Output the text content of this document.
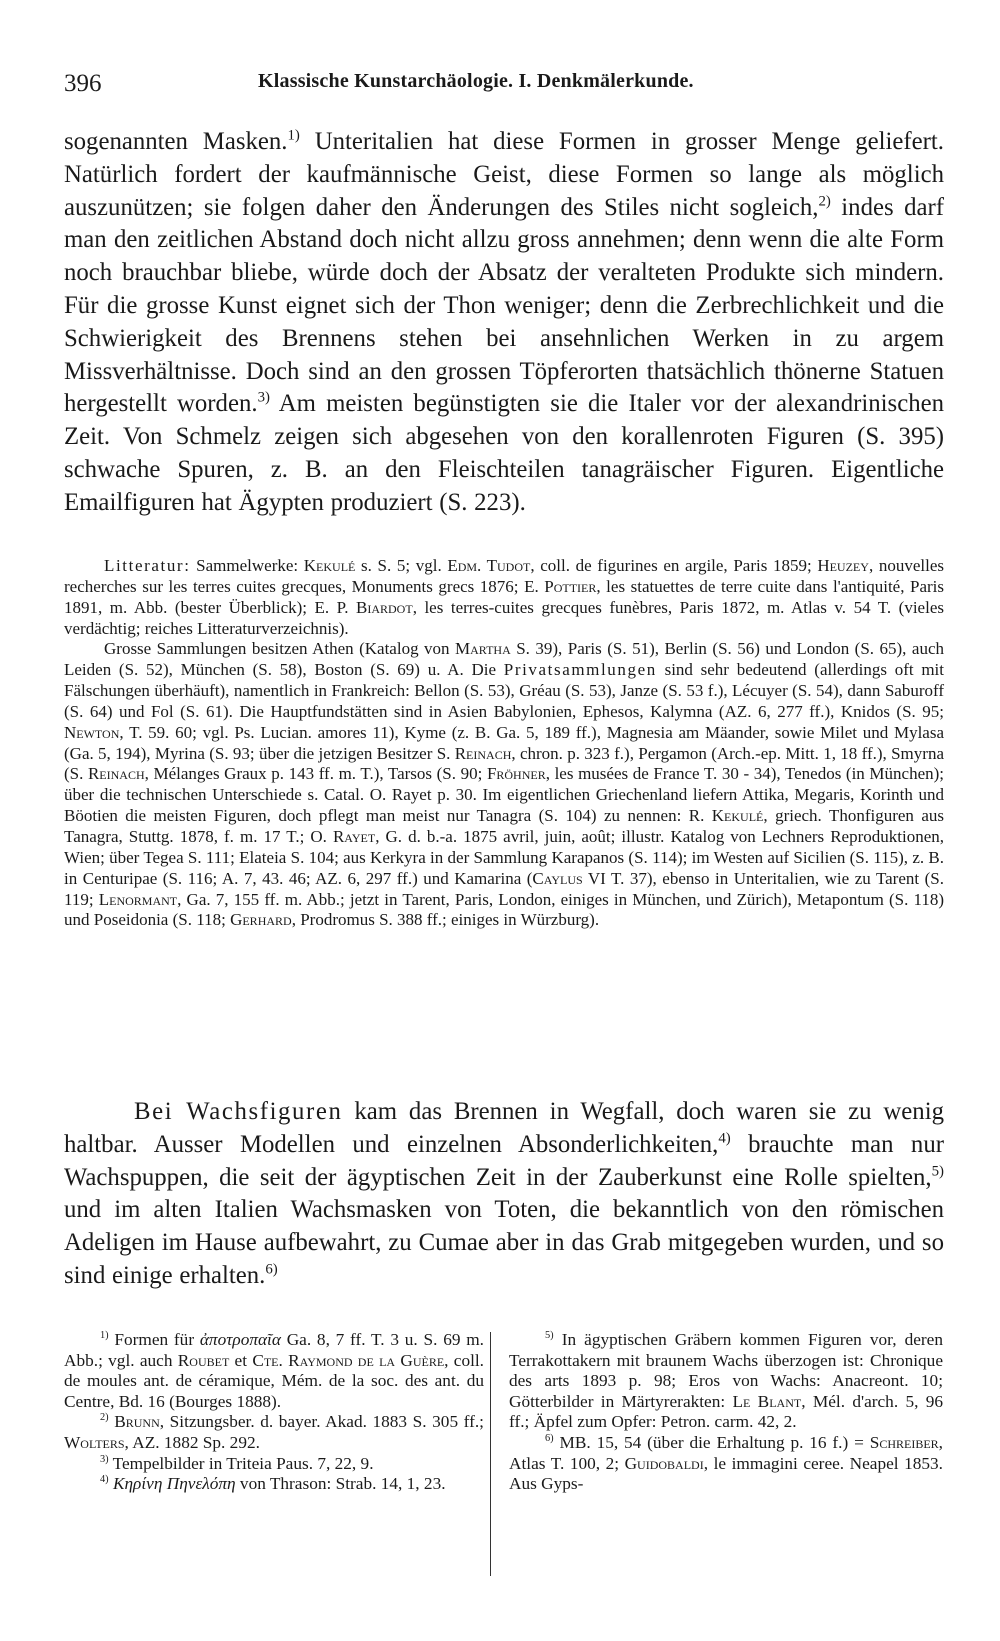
396	Klassische Kunstarchäologie. I. Denkmälerkunde.

sogenannten Masken.$^{1)}$ Unteritalien hat diese Formen in grosser Menge geliefert. Natürlich fordert der kaufmännische Geist, diese Formen so lange als möglich auszunützen; sie folgen daher den Änderungen des Stiles nicht sogleich,$^{2)}$ indes darf man den zeitlichen Abstand doch nicht allzu gross annehmen; denn wenn die alte Form noch brauchbar bliebe, würde doch der Absatz der veralteten Produkte sich mindern. Für die grosse Kunst eignet sich der Thon weniger; denn die Zerbrechlichkeit und die Schwierigkeit des Brennens stehen bei ansehnlichen Werken in zu argem Missverhältnisse. Doch sind an den grossen Töpferorten thatsächlich thönerne Statuen hergestellt worden.$^{3)}$ Am meisten begünstigten sie die Italer vor der alexandrinischen Zeit. Von Schmelz zeigen sich abgesehen von den korallenroten Figuren (S. 395) schwache Spuren, z. B. an den Fleischteilen tanagräischer Figuren. Eigentliche Emailfiguren hat Ägypten produziert (S. 223).

Litteratur: Sammelwerke: Kekulé s. S. 5; vgl. Edm. Tudot, coll. de figurines en argile, Paris 1859; Heuzey, nouvelles recherches sur les terres cuites grecques, Monuments grecs 1876; E. Pottier, les statuettes de terre cuite dans l'antiquité, Paris 1891, m. Abb. (bester Überblick); E. P. Biardot, les terres-cuites grecques funèbres, Paris 1872, m. Atlas v. 54 T. (vieles verdächtig; reiches Litteraturverzeichnis).

Grosse Sammlungen besitzen Athen (Katalog von Martha S. 39), Paris (S. 51), Berlin (S. 56) und London (S. 65), auch Leiden (S. 52), München (S. 58), Boston (S. 69) u. A. Die Privatsammlungen sind sehr bedeutend (allerdings oft mit Fälschungen überhäuft), namentlich in Frankreich: Bellon (S. 53), Gréau (S. 53), Janze (S. 53 f.), Lécuyer (S. 54), dann Saburoff (S. 64) und Fol (S. 61). Die Hauptfundstätten sind in Asien Babylonien, Ephesos, Kalymna (AZ. 6, 277 ff.), Knidos (S. 95; Newton, T. 59. 60; vgl. Ps. Lucian. amores 11), Kyme (z. B. Ga. 5, 189 ff.), Magnesia am Mäander, sowie Milet und Mylasa (Ga. 5, 194), Myrina (S. 93; über die jetzigen Besitzer S. Reinach, chron. p. 323 f.), Pergamon (Arch.-ep. Mitt. 1, 18 ff.), Smyrna (S. Reinach, Mélanges Graux p. 143 ff. m. T.), Tarsos (S. 90; Fröhner, les musées de France T. 30 - 34), Tenedos (in München); über die technischen Unterschiede s. Catal. O. Rayet p. 30. Im eigentlichen Griechenland liefern Attika, Megaris, Korinth und Böotien die meisten Figuren, doch pflegt man meist nur Tanagra (S. 104) zu nennen: R. Kekulé, griech. Thonfiguren aus Tanagra, Stuttg. 1878, f. m. 17 T.; O. Rayet, G. d. b.-a. 1875 avril, juin, août; illustr. Katalog von Lechners Reproduktionen, Wien; über Tegea S. 111; Elateia S. 104; aus Kerkyra in der Sammlung Karapanos (S. 114); im Westen auf Sicilien (S. 115), z. B. in Centuripae (S. 116; A. 7, 43. 46; AZ. 6, 297 ff.) und Kamarina (Caylus VI T. 37), ebenso in Unteritalien, wie zu Tarent (S. 119; Lenormant, Ga. 7, 155 ff. m. Abb.; jetzt in Tarent, Paris, London, einiges in München, und Zürich), Metapontum (S. 118) und Poseidonia (S. 118; Gerhard, Prodromus S. 388 ff.; einiges in Würzburg).

Bei Wachsfiguren kam das Brennen in Wegfall, doch waren sie zu wenig haltbar. Ausser Modellen und einzelnen Absonderlichkeiten,$^{4)}$ brauchte man nur Wachspuppen, die seit der ägyptischen Zeit in der Zauberkunst eine Rolle spielten,$^{5)}$ und im alten Italien Wachsmasken von Toten, die bekanntlich von den römischen Adeligen im Hause aufbewahrt, zu Cumae aber in das Grab mitgegeben wurden, und so sind einige erhalten.$^{6)}$

$^{1)}$ Formen für ἀποτροπαῖα Ga. 8, 7 ff. T. 3 u. S. 69 m. Abb.; vgl. auch Roubet et Cte. Raymond de la Guère, coll. de moules ant. de céramique, Mém. de la soc. des ant. du Centre, Bd. 16 (Bourges 1888).

$^{2)}$ Brunn, Sitzungsber. d. bayer. Akad. 1883 S. 305 ff.; Wolters, AZ. 1882 Sp. 292.

$^{3)}$ Tempelbilder in Triteia Paus. 7, 22, 9.

$^{4)}$ Κηρίνη Πηνελόπη von Thrason: Strab. 14, 1, 23.

$^{5)}$ In ägyptischen Gräbern kommen Figuren vor, deren Terrakottakern mit braunem Wachs überzogen ist: Chronique des arts 1893 p. 98; Eros von Wachs: Anacreont. 10; Götterbilder in Märtyrerakten: Le Blant, Mél. d'arch. 5, 96 ff.; Äpfel zum Opfer: Petron. carm. 42, 2.

$^{6)}$ MB. 15, 54 (über die Erhaltung p. 16 f.) = Schreiber, Atlas T. 100, 2; Guidobaldi, le immagini ceree. Neapel 1853. Aus Gyps-
